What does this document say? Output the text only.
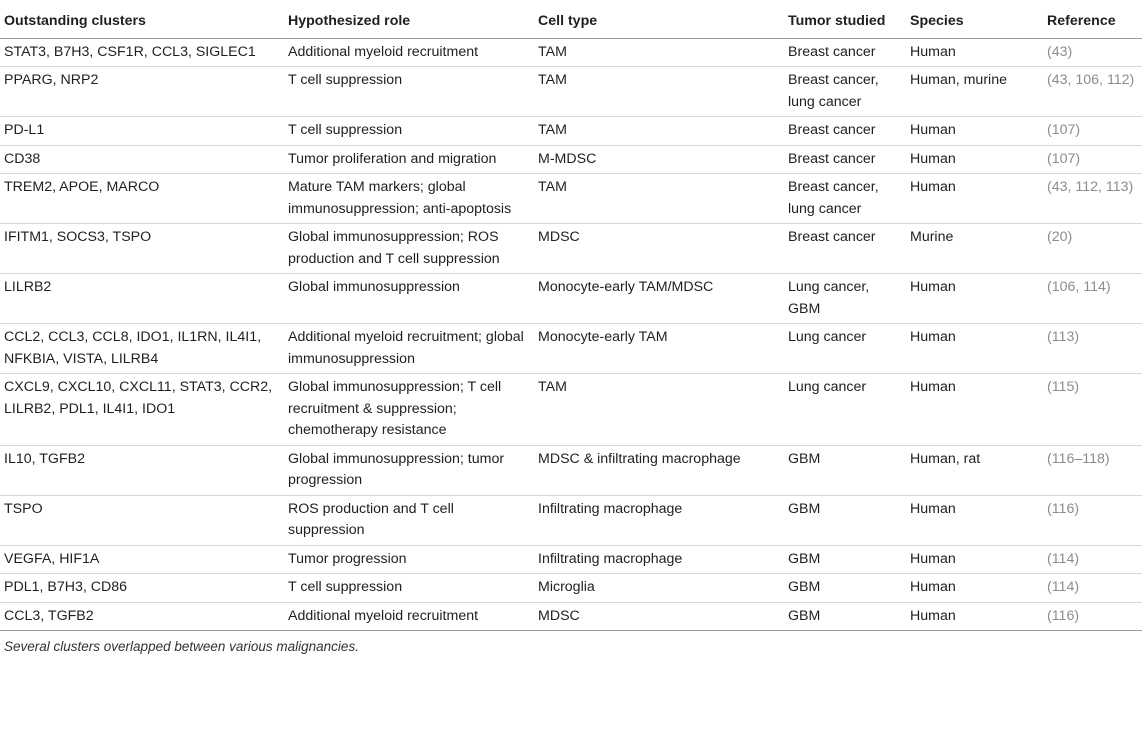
Outstanding clusters	Hypothesized role	Cell type	Tumor studied	Species	Reference
STAT3, B7H3, CSF1R, CCL3, SIGLEC1	Additional myeloid recruitment	TAM	Breast cancer	Human	(43)
PPARG, NRP2	T cell suppression	TAM	Breast cancer, lung cancer	Human, murine	(43, 106, 112)
PD-L1	T cell suppression	TAM	Breast cancer	Human	(107)
CD38	Tumor proliferation and migration	M-MDSC	Breast cancer	Human	(107)
TREM2, APOE, MARCO	Mature TAM markers; global immunosuppression; anti-apoptosis	TAM	Breast cancer, lung cancer	Human	(43, 112, 113)
IFITM1, SOCS3, TSPO	Global immunosuppression; ROS production and T cell suppression	MDSC	Breast cancer	Murine	(20)
LILRB2	Global immunosuppression	Monocyte-early TAM/MDSC	Lung cancer, GBM	Human	(106, 114)
CCL2, CCL3, CCL8, IDO1, IL1RN, IL4I1, NFKBIA, VISTA, LILRB4	Additional myeloid recruitment; global immunosuppression	Monocyte-early TAM	Lung cancer	Human	(113)
CXCL9, CXCL10, CXCL11, STAT3, CCR2, LILRB2, PDL1, IL4I1, IDO1	Global immunosuppression; T cell recruitment & suppression; chemotherapy resistance	TAM	Lung cancer	Human	(115)
IL10, TGFB2	Global immunosuppression; tumor progression	MDSC & infiltrating macrophage	GBM	Human, rat	(116–118)
TSPO	ROS production and T cell suppression	Infiltrating macrophage	GBM	Human	(116)
VEGFA, HIF1A	Tumor progression	Infiltrating macrophage	GBM	Human	(114)
PDL1, B7H3, CD86	T cell suppression	Microglia	GBM	Human	(114)
CCL3, TGFB2	Additional myeloid recruitment	MDSC	GBM	Human	(116)
Several clusters overlapped between various malignancies.
